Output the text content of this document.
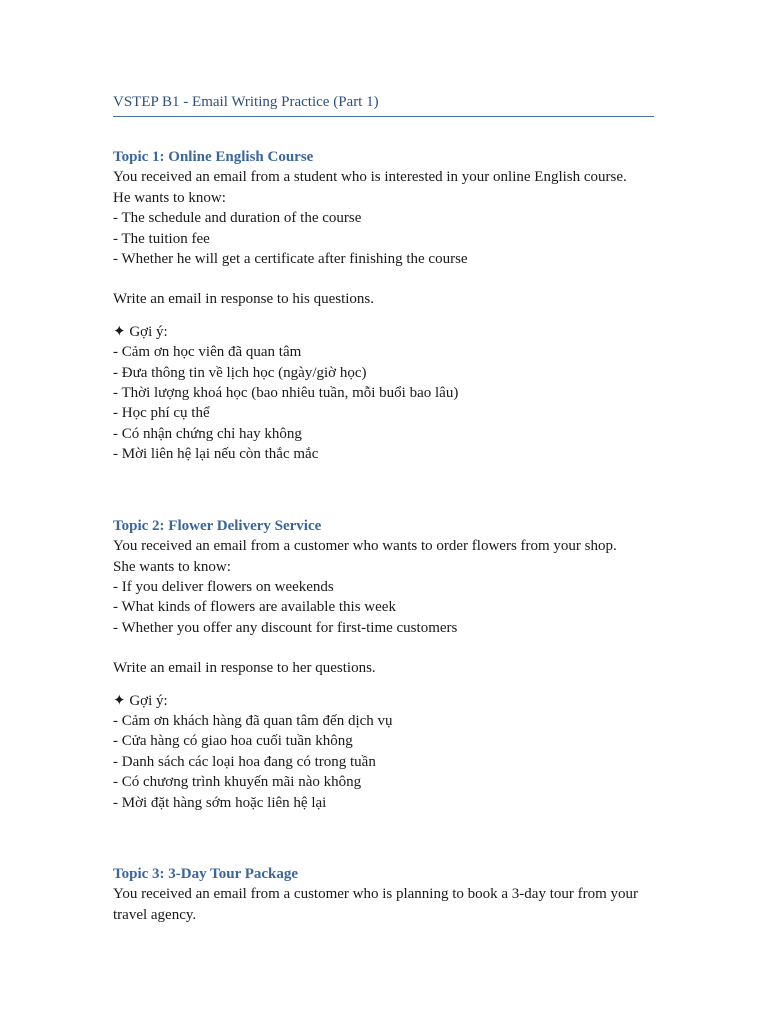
VSTEP B1 - Email Writing Practice (Part 1)
Topic 1: Online English Course
You received an email from a student who is interested in your online English course.
He wants to know:
- The schedule and duration of the course
- The tuition fee
- Whether he will get a certificate after finishing the course
Write an email in response to his questions.
✦ Gợi ý:
- Cảm ơn học viên đã quan tâm
- Đưa thông tin về lịch học (ngày/giờ học)
- Thời lượng khoá học (bao nhiêu tuần, mỗi buổi bao lâu)
- Học phí cụ thể
- Có nhận chứng chỉ hay không
- Mời liên hệ lại nếu còn thắc mắc
Topic 2: Flower Delivery Service
You received an email from a customer who wants to order flowers from your shop.
She wants to know:
- If you deliver flowers on weekends
- What kinds of flowers are available this week
- Whether you offer any discount for first-time customers
Write an email in response to her questions.
✦ Gợi ý:
- Cảm ơn khách hàng đã quan tâm đến dịch vụ
- Cửa hàng có giao hoa cuối tuần không
- Danh sách các loại hoa đang có trong tuần
- Có chương trình khuyến mãi nào không
- Mời đặt hàng sớm hoặc liên hệ lại
Topic 3: 3-Day Tour Package
You received an email from a customer who is planning to book a 3-day tour from your
travel agency.
